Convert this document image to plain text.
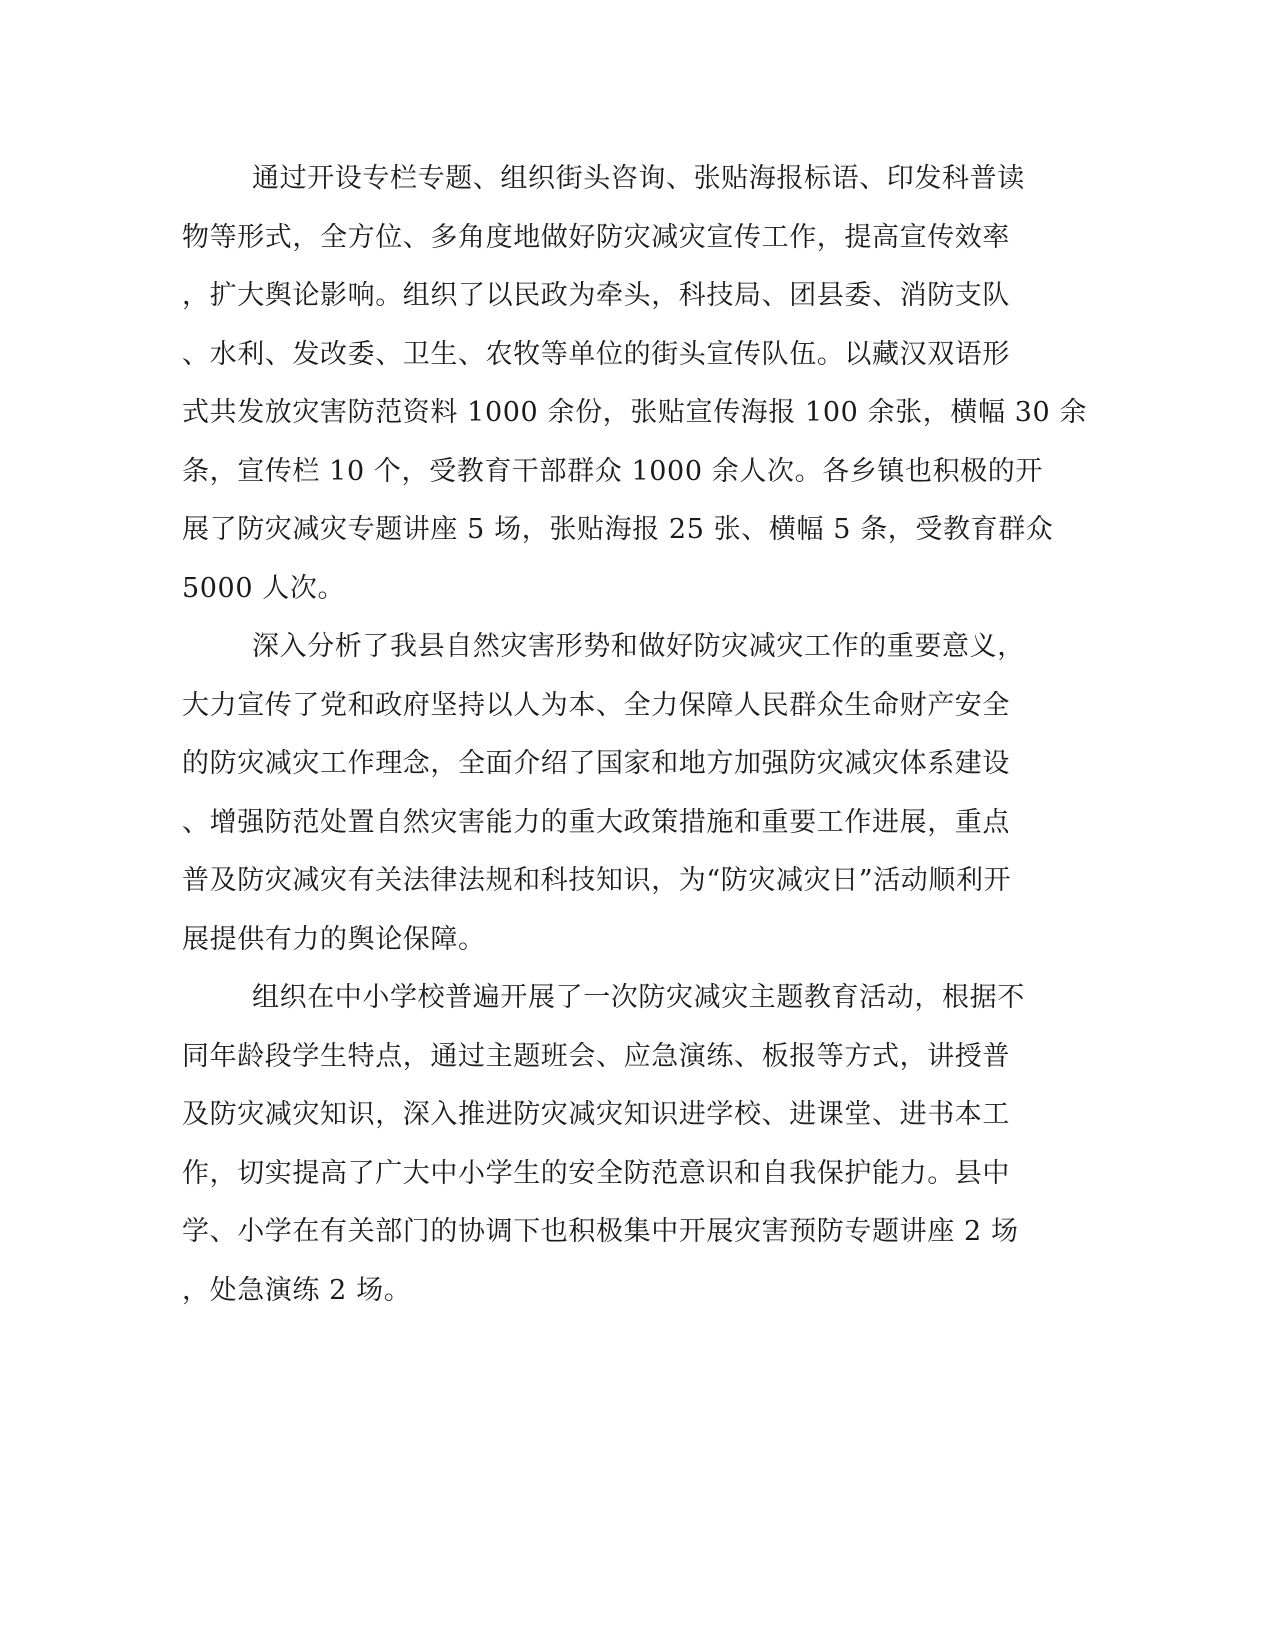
通过开设专栏专题、组织街头咨询、张贴海报标语、印发科普读
物等形式，全方位、多角度地做好防灾减灾宣传工作，提高宣传效率
，扩大舆论影响。组织了以民政为牵头，科技局、团县委、消防支队
、水利、发改委、卫生、农牧等单位的街头宣传队伍。以藏汉双语形
式共发放灾害防范资料 1000 余份，张贴宣传海报 100 余张，横幅 30 余
条，宣传栏 10 个，受教育干部群众 1000 余人次。各乡镇也积极的开
展了防灾减灾专题讲座 5 场，张贴海报 25 张、横幅 5 条，受教育群众
5000 人次。
深入分析了我县自然灾害形势和做好防灾减灾工作的重要意义，
大力宣传了党和政府坚持以人为本、全力保障人民群众生命财产安全
的防灾减灾工作理念，全面介绍了国家和地方加强防灾减灾体系建设
、增强防范处置自然灾害能力的重大政策措施和重要工作进展，重点
普及防灾减灾有关法律法规和科技知识，为“防灾减灾日”活动顺利开
展提供有力的舆论保障。
组织在中小学校普遍开展了一次防灾减灾主题教育活动，根据不
同年龄段学生特点，通过主题班会、应急演练、板报等方式，讲授普
及防灾减灾知识，深入推进防灾减灾知识进学校、进课堂、进书本工
作，切实提高了广大中小学生的安全防范意识和自我保护能力。县中
学、小学在有关部门的协调下也积极集中开展灾害预防专题讲座 2 场
，处急演练 2 场。
